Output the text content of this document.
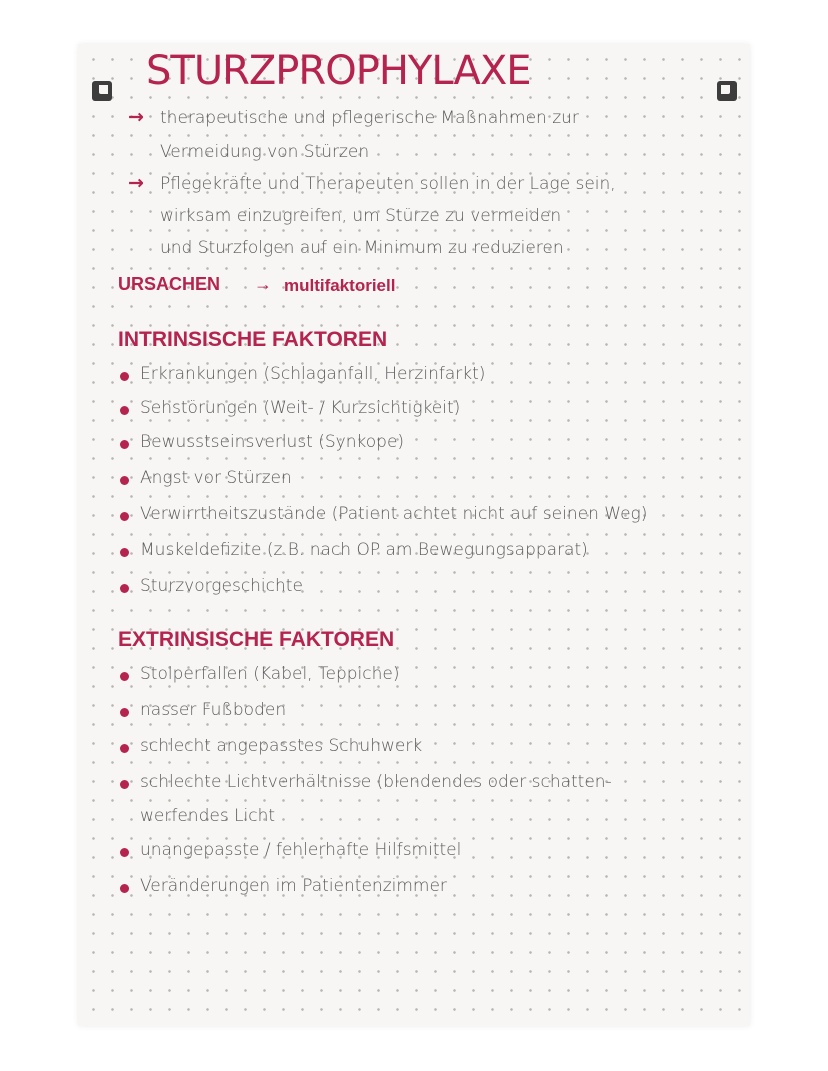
STURZPROPHYLAXE
→ therapeutische und pflegerische Maßnahmen zur
Vermeidung von Stürzen
→ Pflegekräfte und Therapeuten sollen in der Lage sein,
wirksam einzugreifen, um Stürze zu vermeiden
und Sturzfolgen auf ein Minimum zu reduzieren
URSACHEN → multifaktoriell
INTRINSISCHE FAKTOREN
Erkrankungen (Schlaganfall, Herzinfarkt)
Sehstörungen (Weit- / Kurzsichtigkeit)
Bewusstseinsverlust (Synkope)
Angst vor Stürzen
Verwirrtheitszustände (Patient achtet nicht auf seinen Weg)
Muskeldefizite (z.B. nach OP am Bewegungsapparat)
Sturzvorgeschichte
EXTRINSISCHE FAKTOREN
Stolperfallen (Kabel, Teppiche)
nasser Fußboden
schlecht angepasstes Schuhwerk
schlechte Lichtverhältnisse (blendendes oder schatten-
werfendes Licht
unangepasste / fehlerhafte Hilfsmittel
Veränderungen im Patientenzimmer
